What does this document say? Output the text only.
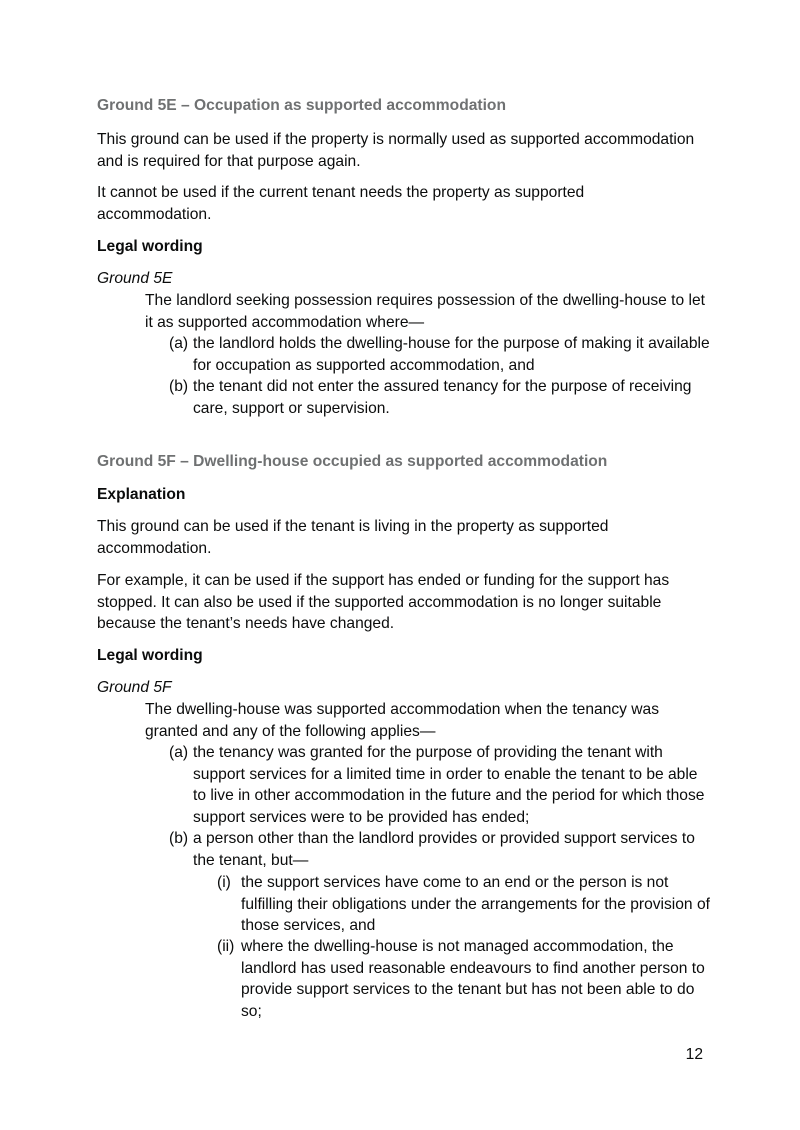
Ground 5E – Occupation as supported accommodation
This ground can be used if the property is normally used as supported accommodation and is required for that purpose again.
It cannot be used if the current tenant needs the property as supported accommodation.
Legal wording
Ground 5E
The landlord seeking possession requires possession of the dwelling-house to let it as supported accommodation where—
(a) the landlord holds the dwelling-house for the purpose of making it available for occupation as supported accommodation, and
(b) the tenant did not enter the assured tenancy for the purpose of receiving care, support or supervision.
Ground 5F – Dwelling-house occupied as supported accommodation
Explanation
This ground can be used if the tenant is living in the property as supported accommodation.
For example, it can be used if the support has ended or funding for the support has stopped. It can also be used if the supported accommodation is no longer suitable because the tenant’s needs have changed.
Legal wording
Ground 5F
The dwelling-house was supported accommodation when the tenancy was granted and any of the following applies—
(a) the tenancy was granted for the purpose of providing the tenant with support services for a limited time in order to enable the tenant to be able to live in other accommodation in the future and the period for which those support services were to be provided has ended;
(b) a person other than the landlord provides or provided support services to the tenant, but—
(i) the support services have come to an end or the person is not fulfilling their obligations under the arrangements for the provision of those services, and
(ii) where the dwelling-house is not managed accommodation, the landlord has used reasonable endeavours to find another person to provide support services to the tenant but has not been able to do so;
12
